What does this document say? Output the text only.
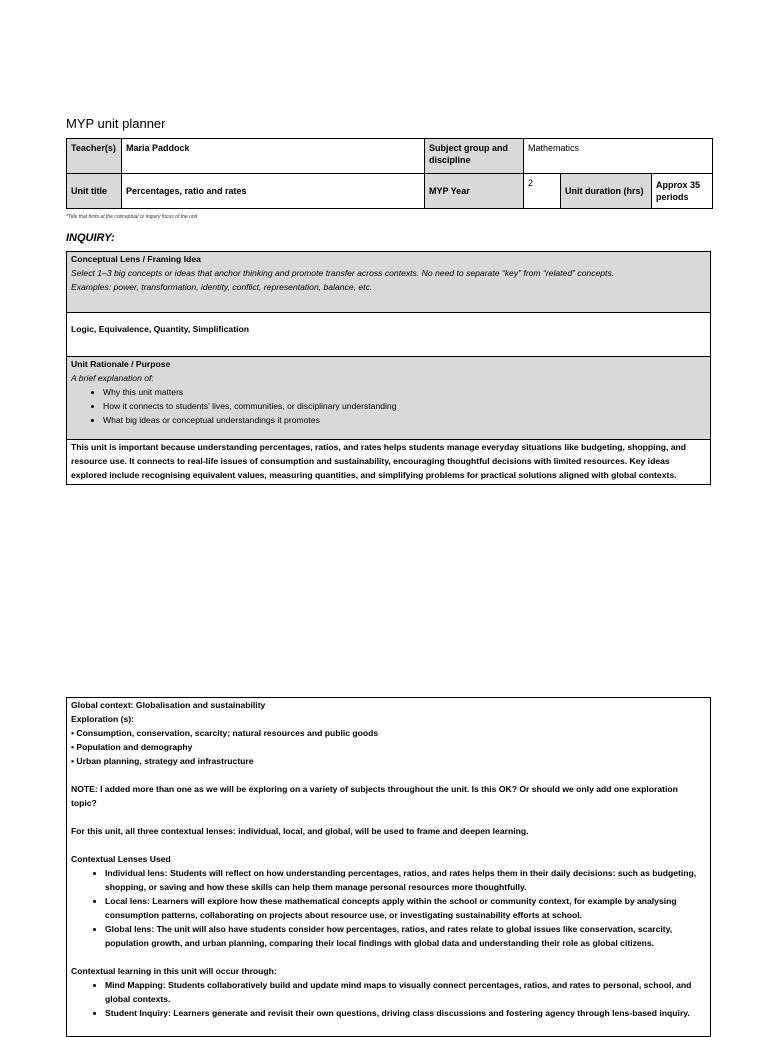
MYP unit planner
Teacher(s)	Maria Paddock	Subject group and discipline	Mathematics		
Unit title	Percentages, ratio and rates	MYP Year	2	Unit duration (hrs)	Approx 35 periods
*Title that hints at the conceptual or inquiry focus of the unit
INQUIRY:
Conceptual Lens / Framing Idea
Select 1–3 big concepts or ideas that anchor thinking and promote transfer across contexts. No need to separate “key” from “related” concepts.
Examples: power, transformation, identity, conflict, representation, balance, etc.
Logic, Equivalence, Quantity, Simplification
Unit Rationale / Purpose
A brief explanation of:
• Why this unit matters
• How it connects to students' lives, communities, or disciplinary understanding
• What big ideas or conceptual understandings it promotes
This unit is important because understanding percentages, ratios, and rates helps students manage everyday situations like budgeting, shopping, and resource use. It connects to real-life issues of consumption and sustainability, encouraging thoughtful decisions with limited resources. Key ideas explored include recognising equivalent values, measuring quantities, and simplifying problems for practical solutions aligned with global contexts.

Global context: Globalisation and sustainability

Exploration (s):

• Consumption, conservation, scarcity; natural resources and public goods

• Population and demography

• Urban planning, strategy and infrastructure

NOTE: I added more than one as we will be exploring on a variety of subjects throughout the unit. Is this OK? Or should we only add one exploration topic?

For this unit, all three contextual lenses: individual, local, and global, will be used to frame and deepen learning.

Contextual Lenses Used

• Individual lens: Students will reflect on how understanding percentages, ratios, and rates helps them in their daily decisions: such as budgeting, shopping, or saving and how these skills can help them manage personal resources more thoughtfully.
• Local lens: Learners will explore how these mathematical concepts apply within the school or community context, for example by analysing consumption patterns, collaborating on projects about resource use, or investigating sustainability efforts at school.
• Global lens: The unit will also have students consider how percentages, ratios, and rates relate to global issues like conservation, scarcity, population growth, and urban planning, comparing their local findings with global data and understanding their role as global citizens.

Contextual learning in this unit will occur through:

• Mind Mapping: Students collaboratively build and update mind maps to visually connect percentages, ratios, and rates to personal, school, and global contexts.
• Student Inquiry: Learners generate and revisit their own questions, driving class discussions and fostering agency through lens-based inquiry.
